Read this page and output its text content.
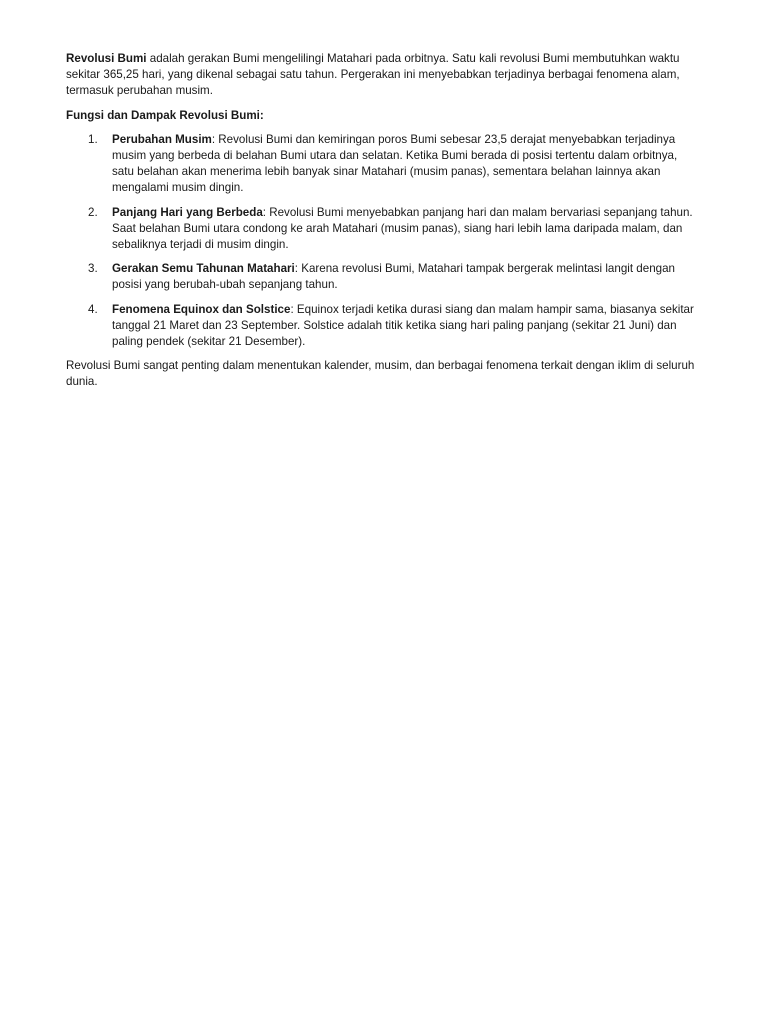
Revolusi Bumi adalah gerakan Bumi mengelilingi Matahari pada orbitnya. Satu kali revolusi Bumi membutuhkan waktu sekitar 365,25 hari, yang dikenal sebagai satu tahun. Pergerakan ini menyebabkan terjadinya berbagai fenomena alam, termasuk perubahan musim.

Fungsi dan Dampak Revolusi Bumi:

1. Perubahan Musim: Revolusi Bumi dan kemiringan poros Bumi sebesar 23,5 derajat menyebabkan terjadinya musim yang berbeda di belahan Bumi utara dan selatan. Ketika Bumi berada di posisi tertentu dalam orbitnya, satu belahan akan menerima lebih banyak sinar Matahari (musim panas), sementara belahan lainnya akan mengalami musim dingin.
2. Panjang Hari yang Berbeda: Revolusi Bumi menyebabkan panjang hari dan malam bervariasi sepanjang tahun. Saat belahan Bumi utara condong ke arah Matahari (musim panas), siang hari lebih lama daripada malam, dan sebaliknya terjadi di musim dingin.
3. Gerakan Semu Tahunan Matahari: Karena revolusi Bumi, Matahari tampak bergerak melintasi langit dengan posisi yang berubah-ubah sepanjang tahun.
4. Fenomena Equinox dan Solstice: Equinox terjadi ketika durasi siang dan malam hampir sama, biasanya sekitar tanggal 21 Maret dan 23 September. Solstice adalah titik ketika siang hari paling panjang (sekitar 21 Juni) dan paling pendek (sekitar 21 Desember).

Revolusi Bumi sangat penting dalam menentukan kalender, musim, dan berbagai fenomena terkait dengan iklim di seluruh dunia.
